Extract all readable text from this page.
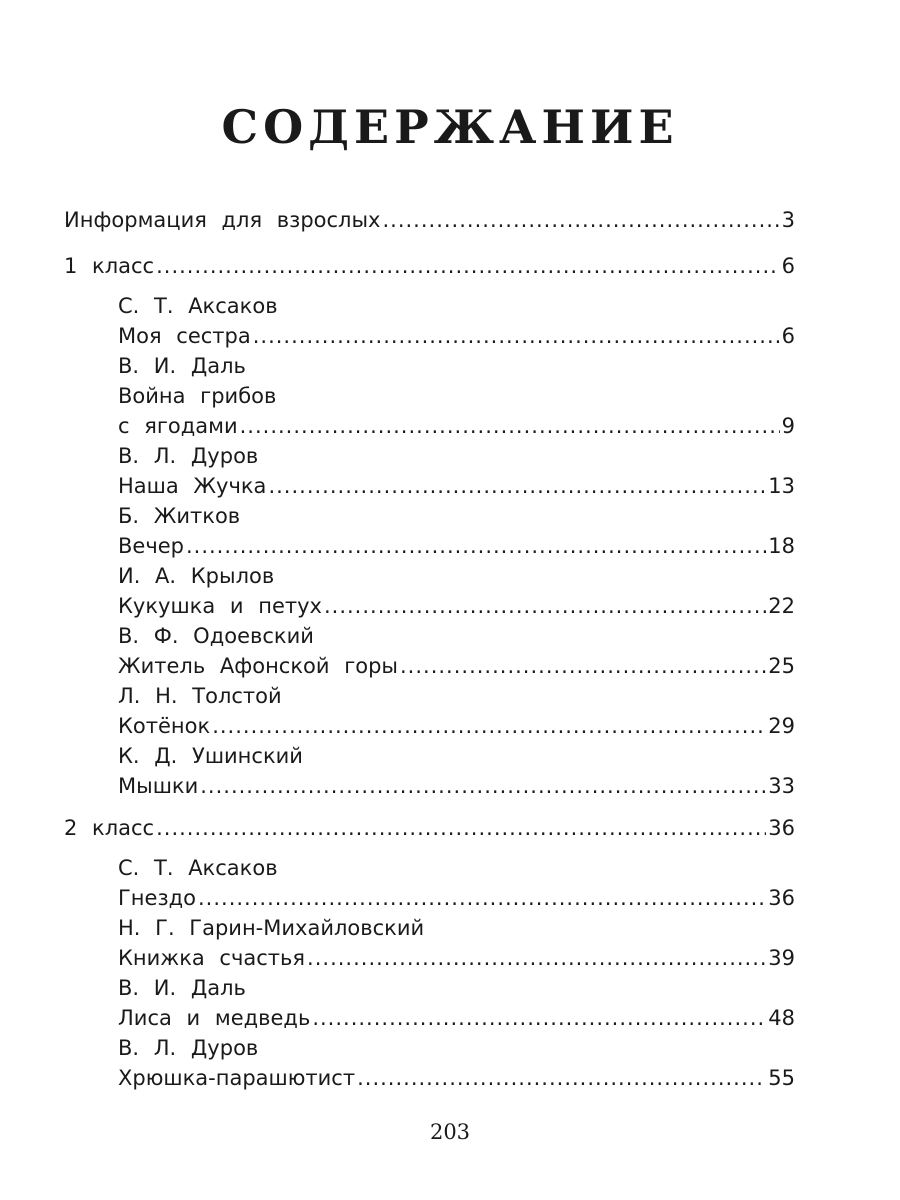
СОДЕРЖАНИЕ
Информация для взрослых .....	3
1 класс .....	6
С. Т. Аксаков
Моя сестра .....	6
В. И. Даль
Война грибов
с ягодами .....	9
В. Л. Дуров
Наша Жучка .....	13
Б. Житков
Вечер .....	18
И. А. Крылов
Кукушка и петух .....	22
В. Ф. Одоевский
Житель Афонской горы .....	25
Л. Н. Толстой
Котёнок .....	29
К. Д. Ушинский
Мышки .....	33
2 класс .....	36
С. Т. Аксаков
Гнездо .....	36
Н. Г. Гарин-Михайловский
Книжка счастья .....	39
В. И. Даль
Лиса и медведь .....	48
В. Л. Дуров
Хрюшка-парашютист .....	55
203
